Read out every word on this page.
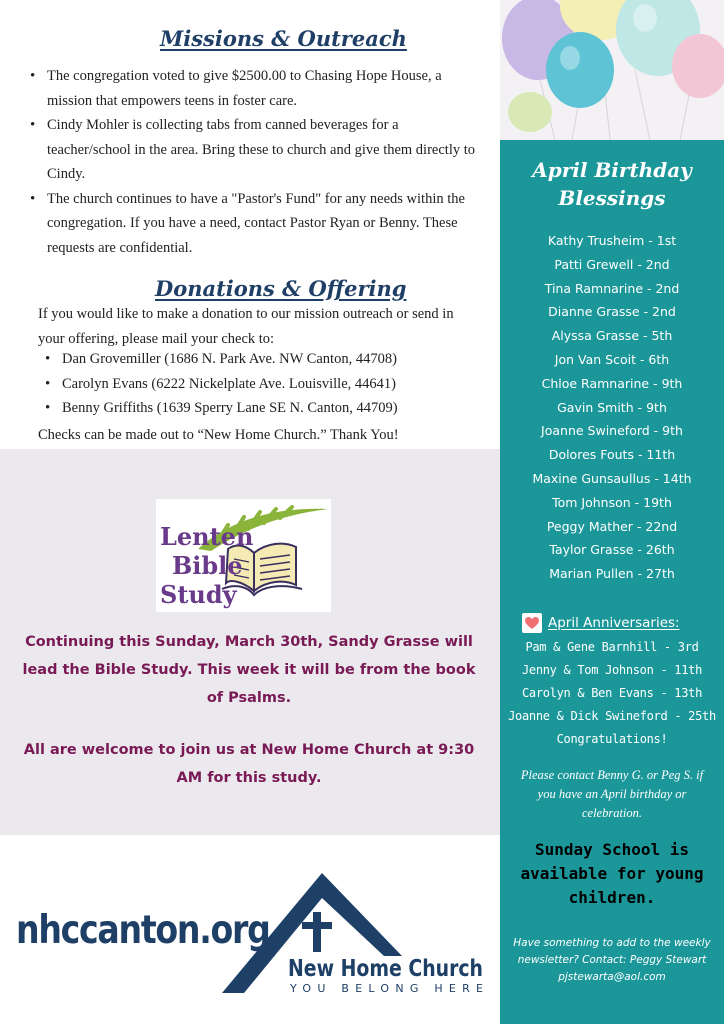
Missions & Outreach
• The congregation voted to give $2500.00 to Chasing Hope House, a mission that empowers teens in foster care.
• Cindy Mohler is collecting tabs from canned beverages for a teacher/school in the area. Bring these to church and give them directly to Cindy.
• The church continues to have a "Pastor's Fund" for any needs within the congregation. If you have a need, contact Pastor Ryan or Benny. These requests are confidential.
Donations & Offering

If you would like to make a donation to our mission outreach or send in your offering, please mail your check to:

• Dan Grovemiller (1686 N. Park Ave. NW Canton, 44708)
• Carolyn Evans (6222 Nickelplate Ave. Louisville, 44641)
• Benny Griffiths (1639 Sperry Lane SE N. Canton, 44709)

Checks can be made out to “New Home Church.” Thank You!

Lenten
Bible
Study

Continuing this Sunday, March 30th, Sandy Grasse will lead the Bible Study. This week it will be from the book of Psalms.

All are welcome to join us at New Home Church at 9:30 AM for this study.

nhccanton.org
New Home Church
YOU BELONG HERE
April Birthday
Blessings
Kathy Trusheim - 1st
Patti Grewell - 2nd
Tina Ramnarine - 2nd
Dianne Grasse - 2nd
Alyssa Grasse - 5th
Jon Van Scoit - 6th
Chloe Ramnarine - 9th
Gavin Smith - 9th
Joanne Swineford - 9th
Dolores Fouts - 11th
Maxine Gunsaullus - 14th
Tom Johnson - 19th
Peggy Mather - 22nd
Taylor Grasse - 26th
Marian Pullen - 27th
April Anniversaries:
Pam & Gene Barnhill - 3rd
Jenny & Tom Johnson - 11th
Carolyn & Ben Evans - 13th
Joanne & Dick Swineford - 25th
Congratulations!

Please contact Benny G. or Peg S. if you have an April birthday or celebration.

Sunday School is available for young children.

Have something to add to the weekly newsletter? Contact: Peggy Stewart pjstewarta@aol.com
